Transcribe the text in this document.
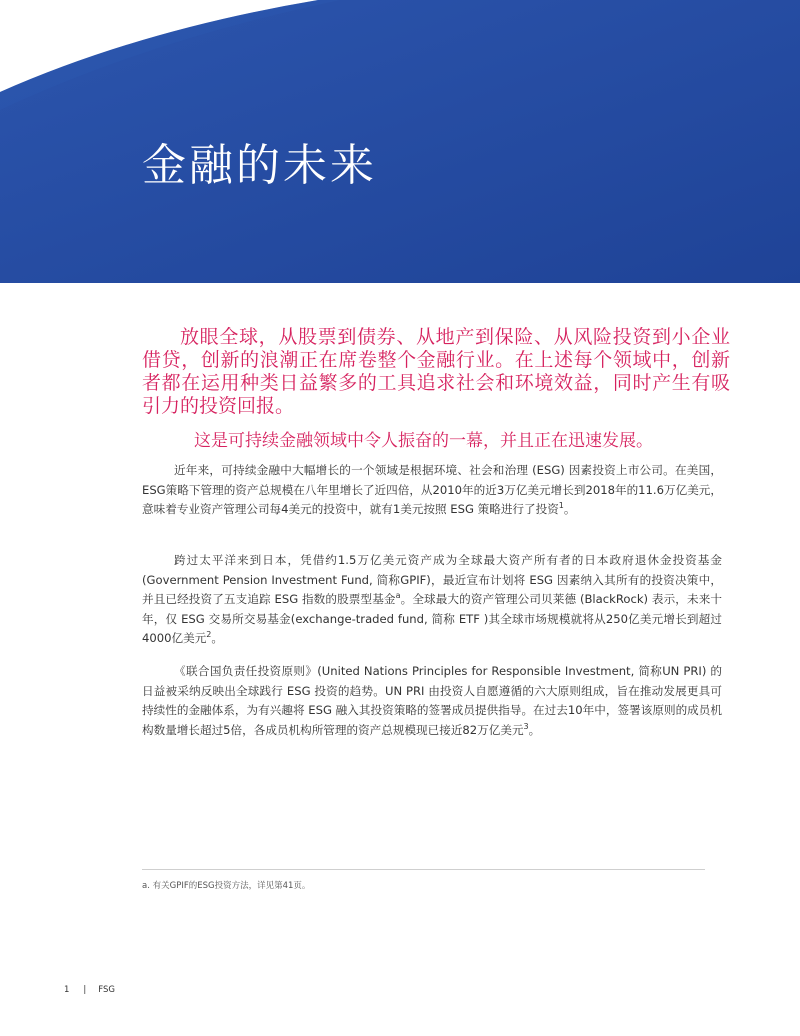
金融的未来

放眼全球，从股票到债券、从地产到保险、从风险投资到小企业借贷，创新的浪潮正在席卷整个金融行业。在上述每个领域中，创新者都在运用种类日益繁多的工具追求社会和环境效益，同时产生有吸引力的投资回报。

这是可持续金融领域中令人振奋的一幕，并且正在迅速发展。

近年来，可持续金融中大幅增长的一个领域是根据环境、社会和治理 (ESG) 因素投资上市公司。在美国，ESG策略下管理的资产总规模在八年里增长了近四倍，从2010年的近3万亿美元增长到2018年的11.6万亿美元，意味着专业资产管理公司每4美元的投资中，就有1美元按照 ESG 策略进行了投资$^1$。

跨过太平洋来到日本，凭借约1.5万亿美元资产成为全球最大资产所有者的日本政府退休金投资基金 (Government Pension Investment Fund, 简称GPIF)，最近宣布计划将 ESG 因素纳入其所有的投资决策中，并且已经投资了五支追踪 ESG 指数的股票型基金$^a$。全球最大的资产管理公司贝莱德 (BlackRock) 表示，未来十年，仅 ESG 交易所交易基金(exchange-traded fund, 简称 ETF )其全球市场规模就将从250亿美元增长到超过4000亿美元$^2$。

《联合国负责任投资原则》(United Nations Principles for Responsible Investment, 简称UN PRI) 的日益被采纳反映出全球践行 ESG 投资的趋势。UN PRI 由投资人自愿遵循的六大原则组成，旨在推动发展更具可持续性的金融体系，为有兴趣将 ESG 融入其投资策略的签署成员提供指导。在过去10年中，签署该原则的成员机构数量增长超过5倍，各成员机构所管理的资产总规模现已接近82万亿美元$^3$。

a. 有关GPIF的ESG投资方法，详见第41页。

1 | FSG
